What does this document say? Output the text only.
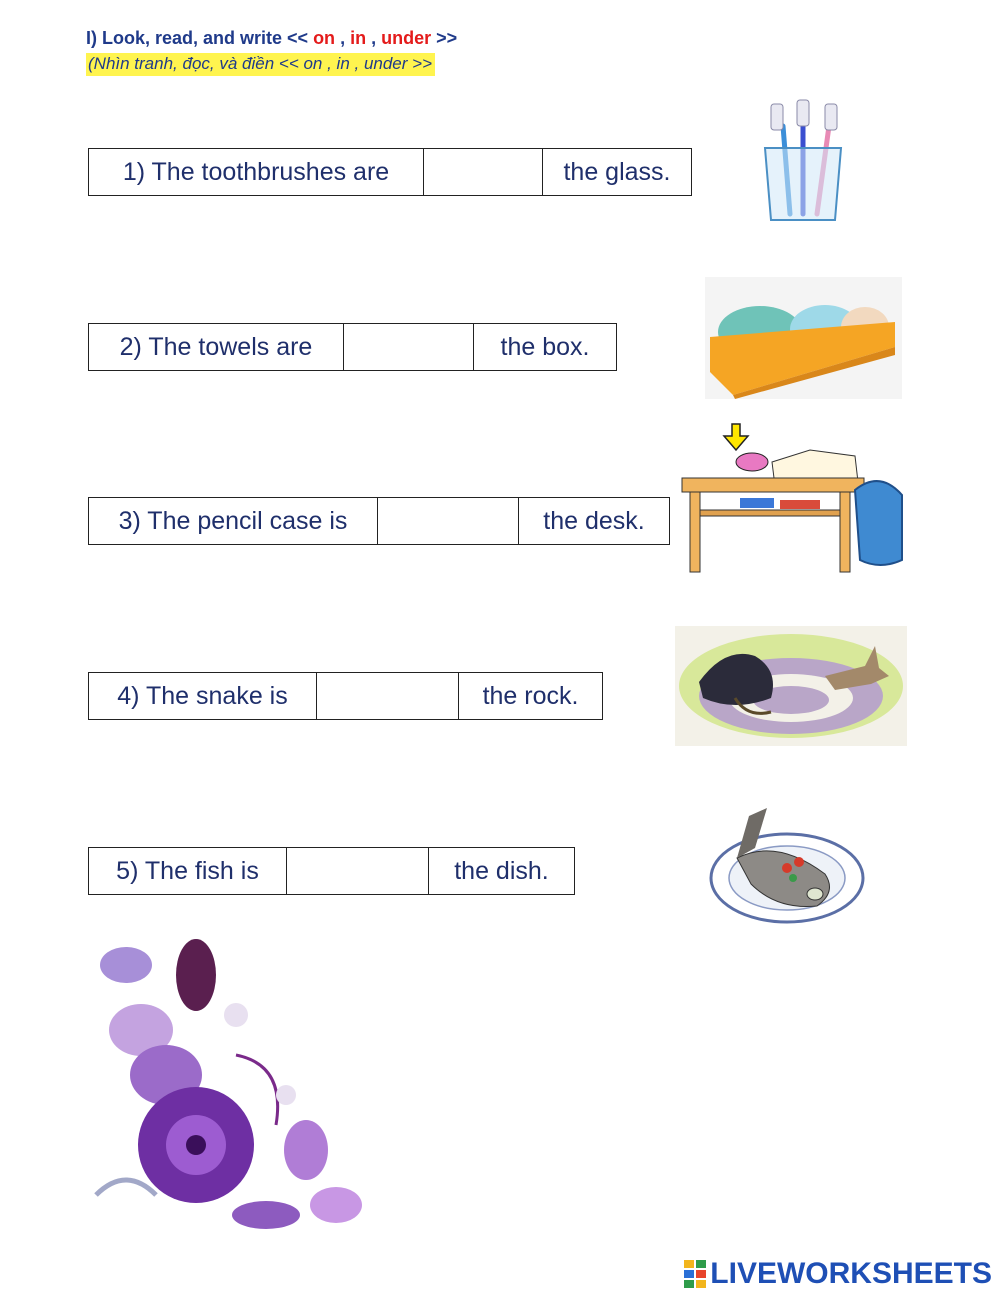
I) Look, read, and write << on , in , under >>
(Nhìn tranh, đọc, và điền << on , in , under >>
1) The toothbrushes are	the glass.
2) The towels are	the box.
3) The pencil case is	the desk.
4) The snake is	the rock.
5) The fish is	the dish.
LIVEWORKSHEETS
